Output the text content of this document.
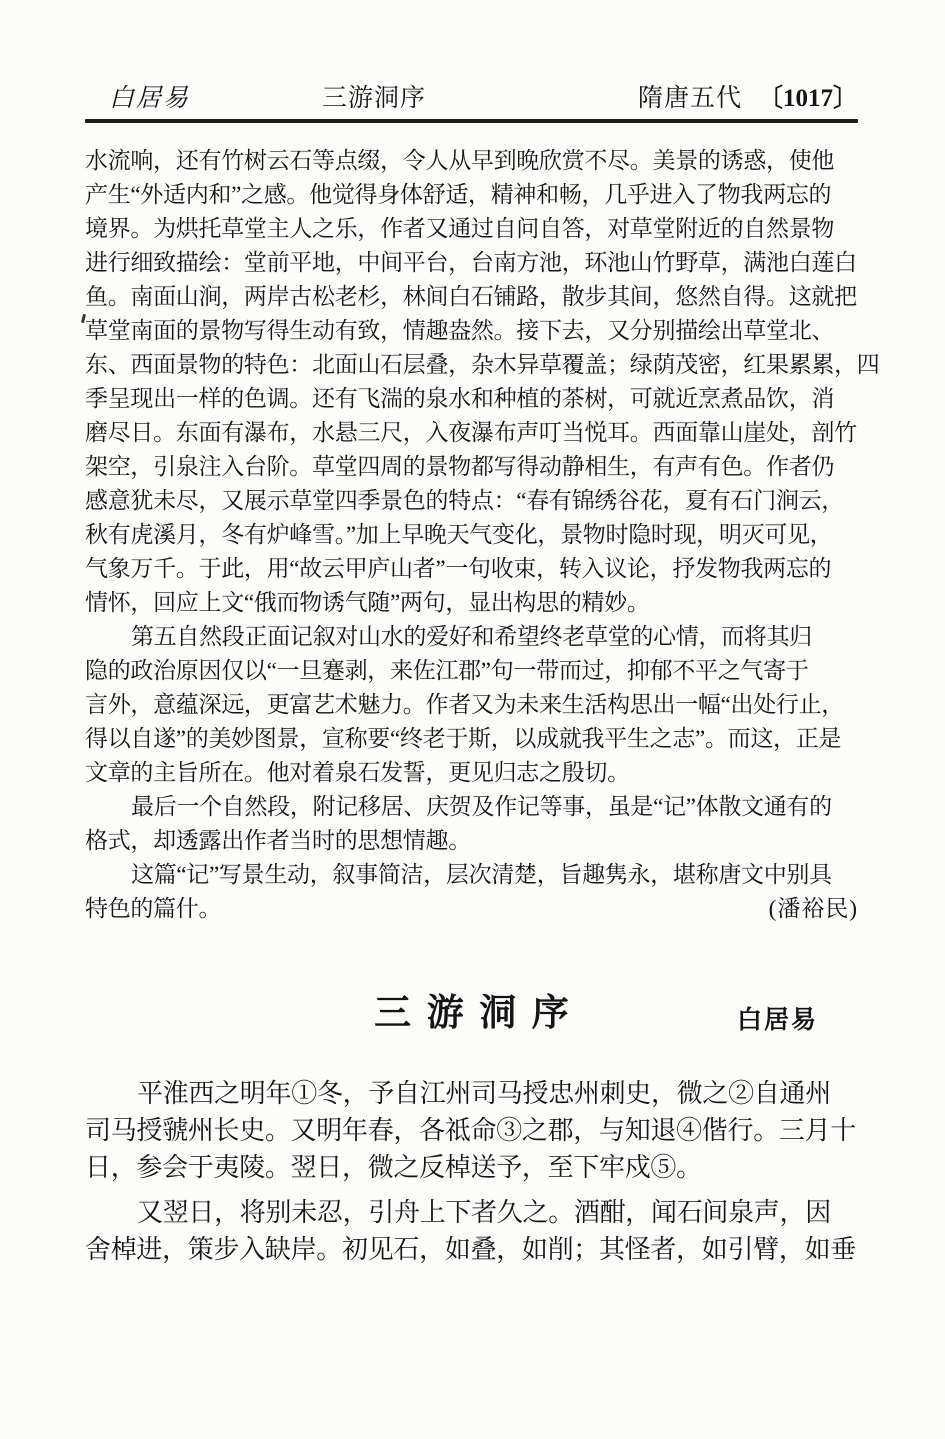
白居易	三游洞序	隋唐五代 〔1017〕

水流响，还有竹树云石等点缀，令人从早到晚欣赏不尽。美景的诱惑，使他
产生“外适内和”之感。他觉得身体舒适，精神和畅，几乎进入了物我两忘的
境界。为烘托草堂主人之乐，作者又通过自问自答，对草堂附近的自然景物
进行细致描绘：堂前平地，中间平台，台南方池，环池山竹野草，满池白莲白
鱼。南面山涧，两岸古松老杉，林间白石铺路，散步其间，悠然自得。这就把
草堂南面的景物写得生动有致，情趣盎然。接下去，又分别描绘出草堂北、
东、西面景物的特色：北面山石层叠，杂木异草覆盖；绿荫茂密，红果累累，四
季呈现出一样的色调。还有飞湍的泉水和种植的茶树，可就近烹煮品饮，消
磨尽日。东面有瀑布，水悬三尺，入夜瀑布声叮当悦耳。西面靠山崖处，剖竹
架空，引泉注入台阶。草堂四周的景物都写得动静相生，有声有色。作者仍
感意犹未尽，又展示草堂四季景色的特点：“春有锦绣谷花，夏有石门涧云，
秋有虎溪月，冬有炉峰雪。”加上早晚天气变化，景物时隐时现，明灭可见，
气象万千。于此，用“故云甲庐山者”一句收束，转入议论，抒发物我两忘的
情怀，回应上文“俄而物诱气随”两句，显出构思的精妙。

第五自然段正面记叙对山水的爱好和希望终老草堂的心情，而将其归
隐的政治原因仅以“一旦蹇剥，来佐江郡”句一带而过，抑郁不平之气寄于
言外，意蕴深远，更富艺术魅力。作者又为未来生活构思出一幅“出处行止，
得以自遂”的美妙图景，宣称要“终老于斯，以成就我平生之志”。而这，正是
文章的主旨所在。他对着泉石发誓，更见归志之殷切。

最后一个自然段，附记移居、庆贺及作记等事，虽是“记”体散文通有的
格式，却透露出作者当时的思想情趣。

这篇“记”写景生动，叙事简洁，层次清楚，旨趣隽永，堪称唐文中别具
特色的篇什。	(潘裕民)

三游洞序	白居易

平淮西之明年①冬，予自江州司马授忠州刺史，微之②自通州
司马授虢州长史。又明年春，各祗命③之郡，与知退④偕行。三月十
日，参会于夷陵。翌日，微之反棹送予，至下牢戍⑤。

又翌日，将别未忍，引舟上下者久之。酒酣，闻石间泉声，因
舍棹进，策步入缺岸。初见石，如叠，如削；其怪者，如引臂，如垂
